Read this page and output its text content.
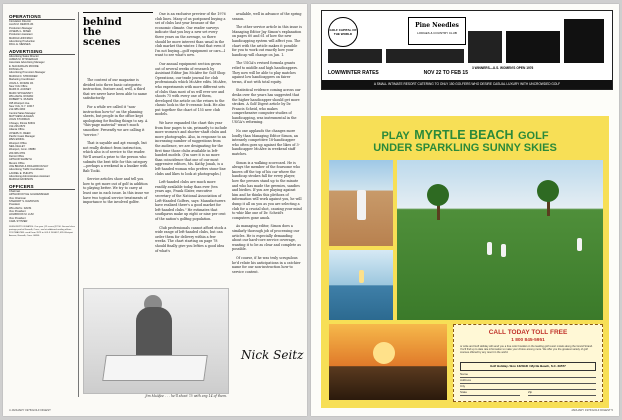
OPERATIONS
Circulation Director
ALAN M. DEROS JR.
Production Manager
JOSEPH L. MISEK
Production Assistant
MARCIA HOFFMAN
Advertising Production
PAUL E. MENNES
ADVERTISING
Advertising Sales Director
JAMES M. FITZGERALD
Associate Advertising Manager
E. MACFARLAN MOORE
DON ELLIN
Advertising Promotion Manager
MARCIA D. STRODDER
Marketing Coordinator
JOHN A. DORAN JR.
New York Office
MARK R. AUDNEY
MARC SPOLENSKY
WILLIAM E. ROMAN
ROBERT S. RUMAN
495 Westport Ave.
New York, N.Y. 10017
212-986-3360
Central Sales Manager
MATTHEW HUGHES
JOHN STURMAN
Chicago, Illinois 60601
312-236-0670
Atlanta Office
JOSEPH K. REED
Pacific Coast Manager
WES EWING
Westport Office
NEIL KELLEY
Westport, Conn. 06880
203-966-3781
Detroit Office
ARTHUR SHWETH
Mexico Office
JOE BRAND & RICHARD DUSAY
Advertising Traffic Coordinator
LAUREL E. PHILIPS
Advertising Administrative Assistant
MARCIA DAVIDSON
OFFICERS
Chairman
ARTHUR DOYLE GULDENSIGER
Vice Chairman
STEWART S. DAVIDSON
President
WILLIAM H. DAVIS
Vice President
HOLBROOK M. LUM
Vice President
CARL STITZER
SUBSCRIPTION RATES: One year (12 issues) $7.50. Second class postage paid at Norwalk, Conn., and at additional mailing offices. POSTMASTER: send Form 3579 to GOLF DIGEST, 495 Westport Avenue, Norwalk, Conn. 06856.
behind
the
scenes

The content of our magazine is divided into three basic categories: instruction, feature and, well, a third that we never have been able to name satisfactorily.

For a while we called it "non-instruction how-to" on the planning sheets, but people in the office kept apologizing for finding things to say. A "this-page material" wasn't much smoother. Presently we are calling it "service."

That is sayable and apt enough, but not really distinct from instruction, which also is of service to the reader. We'll award a prize to the person who submits the best title for this category—perhaps a weekend in a bunker with Bab Tooki.

Service articles show and tell you how to get more out of golf in addition to playing better. We try to carry at least one in each issue. In this issue we have two topical service treatments of importance to the involved golfer.

One is an exclusive preview of the 1976 club lines. Many of us postponed buying a set of clubs last year because of the economic climate. Our reader surveys indicate that you buy a new set every three years on the average, so there should be more interest than usual in the club market this winter. I find that even if I'm not buying—golf equipment or cars—I want to see what's new.

Our annual equipment section grows out of several weeks of research by Assistant Editor Jim McAfee for Golf Shop Operations, our trade journal for club professionals which McAfee edits. McAfee, who experiments with more different sets of clubs than most of us will ever see and shoots 75 with every one of them, developed the article on the return to the classic look in the 8-ceramic look. He also put together the chart of 155 new club models.

We have expanded the chart this year from four pages to six, primarily to include more women's and shorter-shaft clubs and more photographs. Also, in response to an increasing number of suggestions from the audience, we are designating for the first time those clubs available in left-handed models. (I'm sure it is no more than coincidence that one of our most aggressive editors, Ms. Kathy Jonah, is a left-handed woman who prefers stone-line clubs and likes to look at photographs.)

Left-handed clubs are much more readily available today than ever (ten years ago, Frank Slater, executive secretary of the National Association of Left-Handed Golfers, says: Manufacturers have realized there's a good market for left-handed clubs." He estimates that southpaws make up eight or nine per cent of the nation's golfing population.

Club professionals cannot afford stock a wide range of left-handed clubs, but can order them for delivery within a few weeks. The chart starting on page 78 should finally give you lefties a good idea of what's

available, well in advance of the spring season.

The other service article in this issue is Managing Editor Jay Simon's explanation on pages 60 and 61 of how the new handicapping system will affect you. The chart with the article makes it possible for you to work out exactly how your handicap will change on Jan. 1.

The USGA's revised formula grants relief to middle and high handicappers. They now will be able to play matches against low handicappers on fairer terms, if not with total equity.

Statistical evidence coming across our desks over the years has suggested that the higher handicapper should get more strokes. A Golf Digest article by Dr. Francis Scheid, who makes comprehensive computer studies of handicapping, was instrumental in the USGA's reforming.

No one applauds the changes more loudly than Managing Editor Simon, an intensely competitive 18-handicapper who often goes up against the likes of 3-handicapper McAfee in weekend staff matches.

Simon is a walking scorecard. He is always the member of the foursome who knows off the top of his car where the handicap strokes fall for every player, how the presses stand up to the minute and who has made the greenies, sandies and birdies. If you are playing against him and he thinks this plethora of information will work against you, he will dump it all on you as you are selecting a club for a crucial shot, causing your mind to whir like one of Dr. Scheid's computers gone amok.

As managing editor, Simon does a similarly thorough job of processing our articles. He is especially demanding about our hard-core service coverage, wanting it to be as clear and complete as possible.

Of course, if he was truly scrupulous he'd relate his anticipations in a catchier name for our non-instruction how-to service content.

Jim McAfee . . . he'll shoot 75 with any 14 of them.
Nick Seitz
4 JANUARY 1976/GOLF DIGEST
GOLF CAPITAL OF THE WORLD
Pine Needles
LODGES & COUNTRY CLUB
LOW/WINTER RATES	NOV 22 TO FEB 15
3 WINNERS—U.S. WOMEN'S OPEN 1976
A SMALL INTIMATE RESORT CATERING TO ONLY 150 GOLFERS WHO DESIRE CASUAL LUXURY WITH UNCROWDED GOLF
PLAY MYRTLE BEACH GOLF
UNDER SPARKLING SUNNY SKIES
CALL TODAY TOLL FREE
1 800 845-5951
or write and Golf Holiday will send you a free color booklet on the leading golf resort motels along the Grand Strand. You'll find up to date rate information to make your choice among more. We offer you the greatest variety of golf courses offered by any resort in the world.
Golf Holiday / Box 1323GD / Myrtle Beach, S.C. 29577
Name
Address
City
State	Zip
JANUARY 1976/GOLF DIGEST 5
